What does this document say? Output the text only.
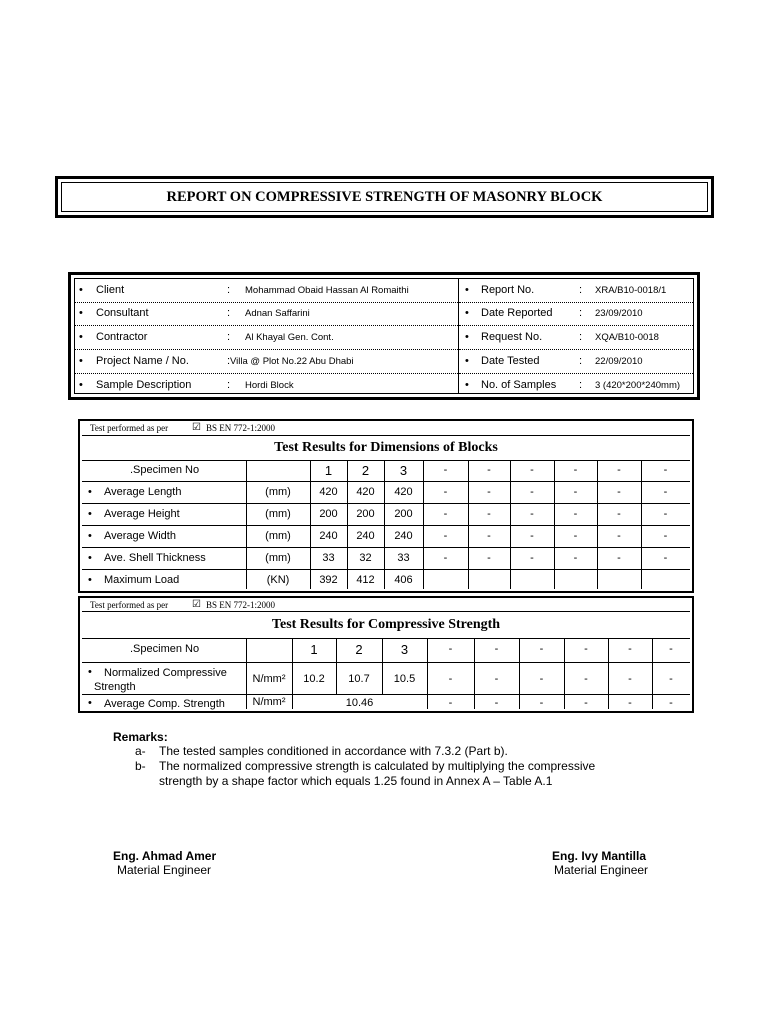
REPORT ON COMPRESSIVE STRENGTH OF MASONRY BLOCK
• Client	: Mohammad Obaid Hassan Al Romaithi
• Consultant	: Adnan Saffarini
• Contractor	: Al Khayal Gen. Cont.
• Project Name / No.	: Villa @ Plot No.22 Abu Dhabi
• Sample Description	: Hordi Block
• Report No.	: XRA/B10-0018/1
• Date Reported : 23/09/2010
• Request No.	: XQA/B10-0018
• Date Tested	: 22/09/2010
• No. of Samples : 3 (420*200*240mm)
Test performed as per ☑ BS EN 772-1:2000
Test Results for Dimensions of Blocks
.Specimen No	1	2	3	-	-	-	-	-	-
• Average Length	(mm)	420	420	420	-	-	-	-	-	-
• Average Height	(mm)	200	200	200	-	-	-	-	-	-
• Average Width	(mm)	240	240	240	-	-	-	-	-	-
• Ave. Shell Thickness	(mm)	33	32	33	-	-	-	-	-	-
• Maximum Load	(KN)	392	412	406
Test performed as per ☑ BS EN 772-1:2000
Test Results for Compressive Strength
.Specimen No	1	2	3	-	-	-	-	-	-
• Normalized Compressive
Strength
N/mm²	10.2	10.7	10.5	-	-	-	-	-	-
• Average Comp. Strength	N/mm²	10.46	-	-	-	-	-	-
Remarks:
a- The tested samples conditioned in accordance with 7.3.2 (Part b).
b- The normalized compressive strength is calculated by multiplying the compressive
strength by a shape factor which equals 1.25 found in Annex A – Table A.1
Eng. Ahmad Amer
Material Engineer
Eng. Ivy Mantilla
Material Engineer
